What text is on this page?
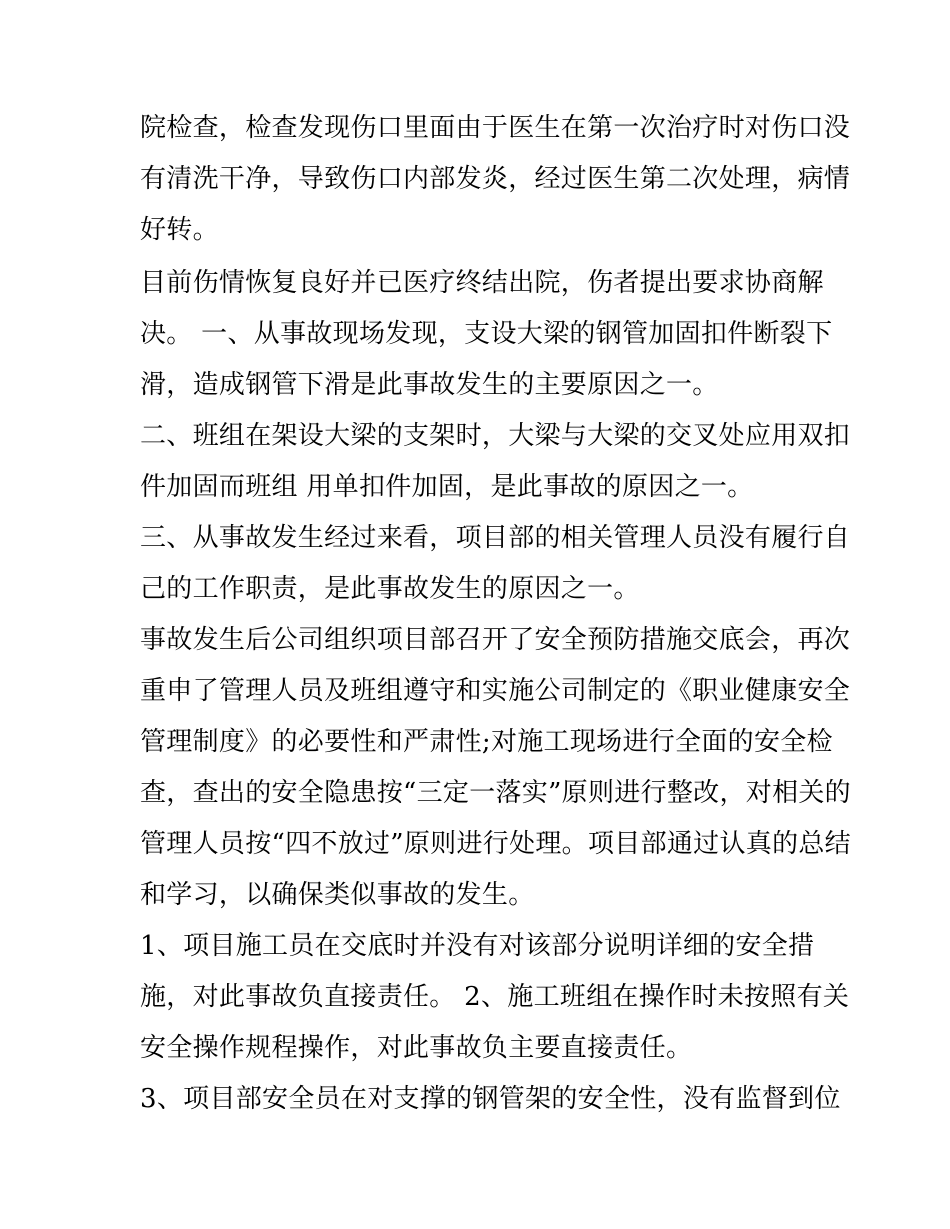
院检查，检查发现伤口里面由于医生在第一次治疗时对伤口没
有清洗干净，导致伤口内部发炎，经过医生第二次处理，病情
好转。
目前伤情恢复良好并已医疗终结出院，伤者提出要求协商解
决。 一、从事故现场发现，支设大梁的钢管加固扣件断裂下
滑，造成钢管下滑是此事故发生的主要原因之一。
二、班组在架设大梁的支架时，大梁与大梁的交叉处应用双扣
件加固而班组 用单扣件加固，是此事故的原因之一。
三、从事故发生经过来看，项目部的相关管理人员没有履行自
己的工作职责，是此事故发生的原因之一。
事故发生后公司组织项目部召开了安全预防措施交底会，再次
重申了管理人员及班组遵守和实施公司制定的《职业健康安全
管理制度》的必要性和严肃性;对施工现场进行全面的安全检
查，查出的安全隐患按“三定一落实”原则进行整改，对相关的
管理人员按“四不放过”原则进行处理。项目部通过认真的总结
和学习，以确保类似事故的发生。
1、项目施工员在交底时并没有对该部分说明详细的安全措
施，对此事故负直接责任。 2、施工班组在操作时未按照有关
安全操作规程操作，对此事故负主要直接责任。
3、项目部安全员在对支撑的钢管架的安全性，没有监督到位
